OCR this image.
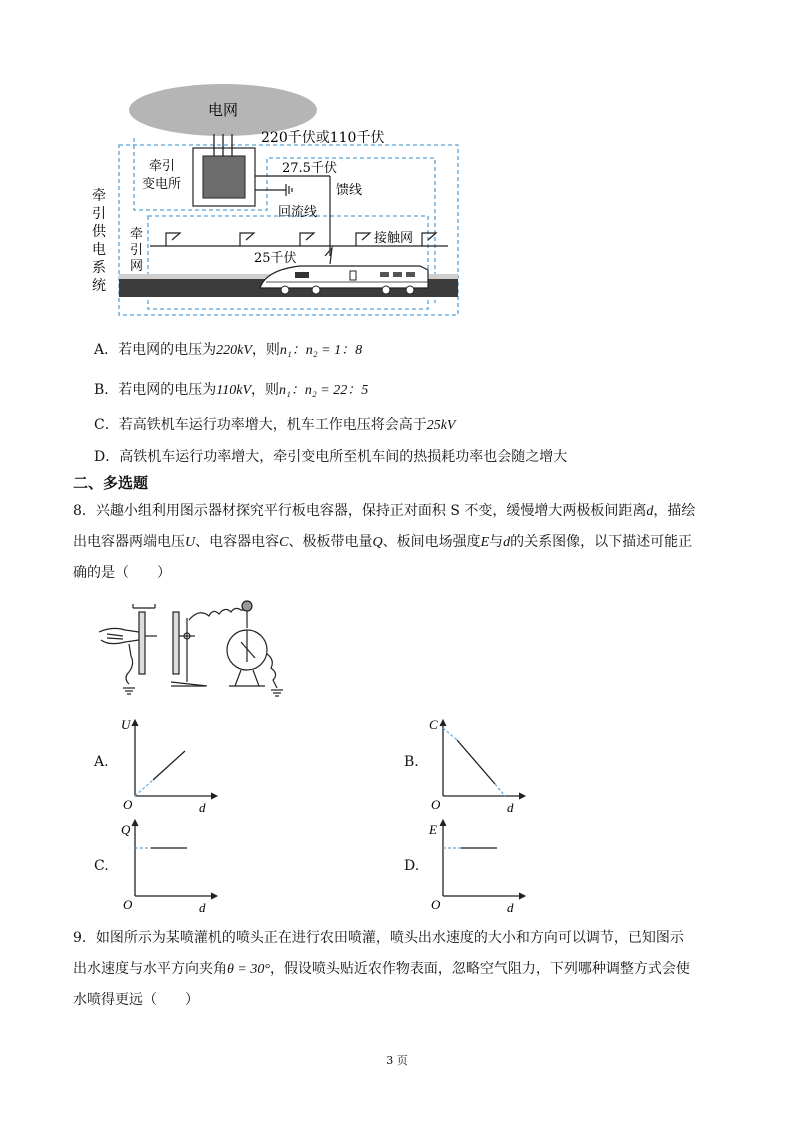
电网
220千伏或110千伏
牵引
变电所
27.5千伏
馈线
回流线
接触网
牵
引
网
25千伏
牵
引
供
电
系
统
A．若电网的电压为220kV，则n₁：n₂ = 1：8
B．若电网的电压为110kV，则n₁：n₂ = 22：5
C．若高铁机车运行功率增大，机车工作电压将会高于25kV
D．高铁机车运行功率增大，牵引变电所至机车间的热损耗功率也会随之增大
二、多选题
8．兴趣小组利用图示器材探究平行板电容器，保持正对面积 S 不变，缓慢增大两极板间距离d，描绘
出电容器两端电压U、电容器电容C、极板带电量Q、板间电场强度E与d的关系图像，以下描述可能正
确的是（　　）
A.
U
O	d
B.
C
O	d
C.
Q
O	d
D.
E
O	d
9．如图所示为某喷灌机的喷头正在进行农田喷灌，喷头出水速度的大小和方向可以调节，已知图示
出水速度与水平方向夹角θ = 30°，假设喷头贴近农作物表面，忽略空气阻力，下列哪种调整方式会使
水喷得更远（　　）
3 页
